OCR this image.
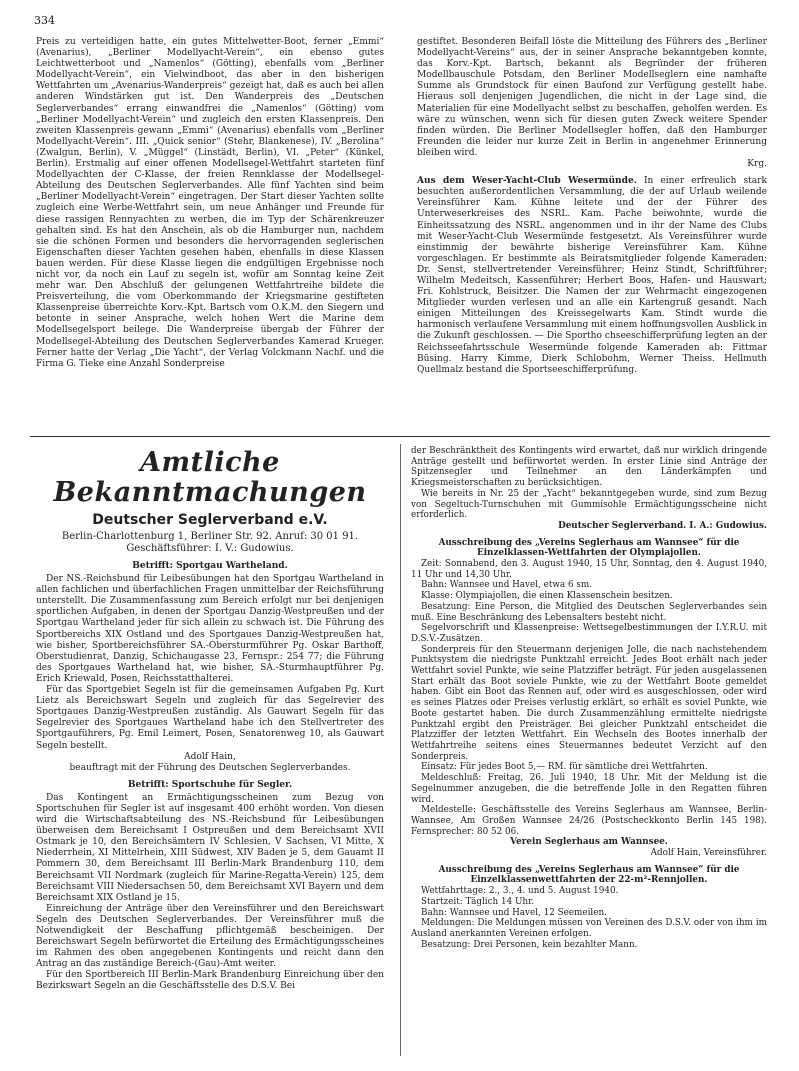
334

Preis zu verteidigen hatte, ein gutes Mittelwetter-Boot, ferner „Emmi“ (Avenarius), „Berliner Modellyacht-Verein“, ein ebenso gutes Leichtwetterboot und „Namenlos“ (Götting), ebenfalls vom „Berliner Modellyacht-Verein“, ein Vielwindboot, das aber in den bisherigen Wettfahrten um „Avenarius-Wanderpreis“ gezeigt hat, daß es auch bei allen anderen Windstärken gut ist. Den Wanderpreis des „Deutschen Seglerverbandes“ errang einwandfrei die „Namenlos“ (Götting) vom „Berliner Modellyacht-Verein“ und zugleich den ersten Klassenpreis. Den zweiten Klassenpreis gewann „Emmi“ (Avenarius) ebenfalls vom „Berliner Modellyacht-Verein“. III. „Quick senior“ (Stehr, Blankenese), IV. „Berolina“ (Zwalgun, Berlin), V. „Müggel“ (Linstädt, Berlin), VI. „Peter“ (Künkel, Berlin). Erstmalig auf einer offenen Modellsegel-Wettfahrt starteten fünf Modellyachten der C-Klasse, der freien Rennklasse der Modellsegel-Abteilung des Deutschen Seglerverbandes. Alle fünf Yachten sind beim „Berliner Modellyacht-Verein“ eingetragen. Der Start dieser Yachten sollte zugleich eine Werbe-Wettfahrt sein, um neue Anhänger und Freunde für diese rassigen Rennyachten zu werben, die im Typ der Schärenkreuzer gehalten sind. Es hat den Anschein, als ob die Hamburger nun, nachdem sie die schönen Formen und besonders die hervorragenden seglerischen Eigenschaften dieser Yachten gesehen haben, ebenfalls in diese Klassen bauen werden. Für diese Klasse liegen die endgültigen Ergebnisse noch nicht vor, da noch ein Lauf zu segeln ist, wofür am Sonntag keine Zeit mehr war. Den Abschluß der gelungenen Wettfahrtreihe bildete die Preisverteilung, die vom Oberkommando der Kriegsmarine gestifteten Klassenpreise überreichte Korv.-Kpt. Bartsch vom O.K.M. den Siegern und betonte in seiner Ansprache, welch hohen Wert die Marine dem Modellsegelsport beilege. Die Wanderpreise übergab der Führer der Modellsegel-Abteilung des Deutschen Seglerverbandes Kamerad Krueger. Ferner hatte der Verlag „Die Yacht“, der Verlag Volckmann Nachf. und die Firma G. Tieke eine Anzahl Sonderpreise

gestiftet. Besonderen Beifall löste die Mitteilung des Führers des „Berliner Modellyacht-Vereins“ aus, der in seiner Ansprache bekanntgeben konnte, das Korv.-Kpt. Bartsch, bekannt als Begründer der früheren Modellbauschule Potsdam, den Berliner Modellseglern eine namhafte Summe als Grundstock für einen Baufond zur Verfügung gestellt habe. Hieraus soll denjenigen Jugendlichen, die nicht in der Lage sind, die Materialien für eine Modellyacht selbst zu beschaffen, geholfen werden. Es wäre zu wünschen, wenn sich für diesen guten Zweck weitere Spender finden würden. Die Berliner Modellsegler hoffen, daß den Hamburger Freunden die leider nur kurze Zeit in Berlin in angenehmer Erinnerung bleiben wird.

Krg.

Aus dem Weser-Yacht-Club Wesermünde. In einer erfreulich stark besuchten außerordentlichen Versammlung, die der auf Urlaub weilende Vereinsführer Kam. Kühne leitete und der der Führer des Unterweserkreises des NSRL. Kam. Pache beiwohnte, wurde die Einheitssatzung des NSRL. angenommen und in ihr der Name des Clubs mit Weser-Yacht-Club Wesermünde festgesetzt. Als Vereinsführer wurde einstimmig der bewährte bisherige Vereinsführer Kam. Kühne vorgeschlagen. Er bestimmte als Beiratsmitglieder folgende Kameraden: Dr. Senst, stellvertretender Vereinsführer; Heinz Stindt, Schriftführer; Wilhelm Medeitsch, Kassenführer; Herbert Boos, Hafen- und Hauswart; Fri. Kohlstruck, Beisitzer. Die Namen der zur Wehrmacht eingezogenen Mitglieder wurden verlesen und an alle ein Kartengruß gesandt. Nach einigen Mitteilungen des Kreissegelwarts Kam. Stindt wurde die harmonisch verlaufene Versammlung mit einem hoffnungsvollen Ausblick in die Zukunft geschlossen. — Die Sportho chseeschifferprüfung legten an der Reichsseefahrtsschule Wesermünde folgende Kameraden ab: Fittmar Büsing. Harry Kimme, Dierk Schlobohm, Werner Theiss. Hellmuth Quellmalz bestand die Sportseeschifferprüfung.

Amtliche Bekanntmachungen

Deutscher Seglerverband e.V.

Berlin-Charlottenburg 1, Berliner Str. 92. Anruf: 30 01 91.

Geschäftsführer: I. V.: Gudowius.

Betrifft: Sportgau Wartheland.

Der NS.-Reichsbund für Leibesübungen hat den Sportgau Wartheland in allen fachlichen und überfachlichen Fragen unmittelbar der Reichsführung unterstellt. Die Zusammenfassung zum Bereich erfolgt nur bei denjenigen sportlichen Aufgaben, in denen der Sportgau Danzig-Westpreußen und der Sportgau Wartheland jeder für sich allein zu schwach ist. Die Führung des Sportbereichs XIX Ostland und des Sportgaues Danzig-Westpreußen hat, wie bisher, Sportbereichsführer SA.-Obersturmführer Pg. Oskar Barthoff, Oberstudienrat, Danzig, Schichaugasse 23, Fernspr.: 254 77; die Führung des Sportgaues Wartheland hat, wie bisher, SA.-Sturmhauptführer Pg. Erich Kriewald, Posen, Reichsstatthalterei.

Für das Sportgebiet Segeln ist für die gemeinsamen Aufgaben Pg. Kurt Lietz als Bereichswart Segeln und zugleich für das Segelrevier des Sportgaues Danzig-Westpreußen zuständig. Als Gauwart Segeln für das Segelrevier des Sportgaues Wartheland habe ich den Stellvertreter des Sportgauführers, Pg. Emil Leimert, Posen, Senatorenweg 10, als Gauwart Segeln bestellt.

Adolf Hain,

beauftragt mit der Führung des Deutschen Seglerverbandes.

Betrifft: Sportschuhe für Segler.

Das Kontingent an Ermächtigungsscheinen zum Bezug von Sportschuhen für Segler ist auf insgesamt 400 erhöht worden. Von diesen wird die Wirtschaftsabteilung des NS.-Reichsbund für Leibesübungen überweisen dem Bereichsamt I Ostpreußen und dem Bereichsamt XVII Ostmark je 10, den Bereichsämtern IV Schlesien, V Sachsen, VI Mitte, X Niederrhein, XI Mittelrhein, XIII Südwest, XIV Baden je 5, dem Gauamt II Pommern 30, dem Bereichsamt III Berlin-Mark Brandenburg 110, dem Bereichsamt VII Nordmark (zugleich für Marine-Regatta-Verein) 125, dem Bereichsamt VIII Niedersachsen 50, dem Bereichsamt XVI Bayern und dem Bereichsamt XIX Ostland je 15.

Einreichung der Anträge über den Vereinsführer und den Bereichswart Segeln des Deutschen Seglerverbandes. Der Vereinsführer muß die Notwendigkeit der Beschaffung pflichtgemäß bescheinigen. Der Bereichswart Segeln befürwortet die Erteilung des Ermächtigungsscheines im Rahmen des oben angegebenen Kontingents und reicht dann den Antrag an das zuständige Bereich-(Gau)-Amt weiter.

Für den Sportbereich III Berlin-Mark Brandenburg Einreichung über den Bezirkswart Segeln an die Geschäftsstelle des D.S.V. Bei

der Beschränktheit des Kontingents wird erwartet, daß nur wirklich dringende Anträge gestellt und befürwortet werden. In erster Linie sind Anträge der Spitzensegler und Teilnehmer an den Länderkämpfen und Kriegsmeisterschaften zu berücksichtigen.

Wie bereits in Nr. 25 der „Yacht“ bekanntgegeben wurde, sind zum Bezug von Segeltuch-Turnschuhen mit Gummisohle Ermächtigungsscheine nicht erforderlich.

Deutscher Seglerverband. I. A.: Gudowius.

Ausschreibung des „Vereins Seglerhaus am Wannsee“ für die Einzelklassen-Wettfahrten der Olympiajollen.

Zeit: Sonnabend, den 3. August 1940, 15 Uhr, Sonntag, den 4. August 1940, 11 Uhr und 14,30 Uhr.

Bahn: Wannsee und Havel, etwa 6 sm.

Klasse: Olympiajollen, die einen Klassenschein besitzen.

Besatzung: Eine Person, die Mitglied des Deutschen Seglerverbandes sein muß. Eine Beschränkung des Lebensalters besteht nicht.

Segelvorschrift und Klassenpreise: Wettsegelbestimmungen der I.Y.R.U. mit D.S.V.-Zusätzen.

Sonderpreis für den Steuermann derjenigen Jolle, die nach nachstehendem Punktsystem die niedrigste Punktzahl erreicht. Jedes Boot erhält nach jeder Wettfahrt soviel Punkte, wie seine Platzziffer beträgt. Für jeden ausgelassenen Start erhält das Boot soviele Punkte, wie zu der Wettfahrt Boote gemeldet haben. Gibt ein Boot das Rennen auf, oder wird es ausgeschlossen, oder wird es seines Platzes oder Preises verlustig erklärt, so erhält es soviel Punkte, wie Boote gestartet haben. Die durch Zusammenzählung ermittelte niedrigste Punktzahl ergibt den Preisträger. Bei gleicher Punktzahl entscheidet die Platzziffer der letzten Wettfahrt. Ein Wechseln des Bootes innerhalb der Wettfahrtreihe seitens eines Steuermannes bedeutet Verzicht auf den Sonderpreis.

Einsatz: Für jedes Boot 5,— RM. für sämtliche drei Wettfahrten.

Meldeschluß: Freitag, 26. Juli 1940, 18 Uhr. Mit der Meldung ist die Segelnummer anzugeben, die die betreffende Jolle in den Regatten führen wird.

Meldestelle: Geschäftsstelle des Vereins Seglerhaus am Wannsee, Berlin-Wannsee, Am Großen Wannsee 24/26 (Postscheckkonto Berlin 145 198). Fernsprecher: 80 52 06.

Verein Seglerhaus am Wannsee.

Adolf Hain, Vereinsführer.

Ausschreibung des „Vereins Seglerhaus am Wannsee“ für die Einzelklassenwettfahrten der 22-m²-Rennjollen.

Wettfahrttage: 2., 3., 4. und 5. August 1940.

Startzeit: Täglich 14 Uhr.

Bahn: Wannsee und Havel, 12 Seemeilen.

Meldungen: Die Meldungen müssen von Vereinen des D.S.V. oder von ihm im Ausland anerkannten Vereinen erfolgen.

Besatzung: Drei Personen, kein bezahlter Mann.
